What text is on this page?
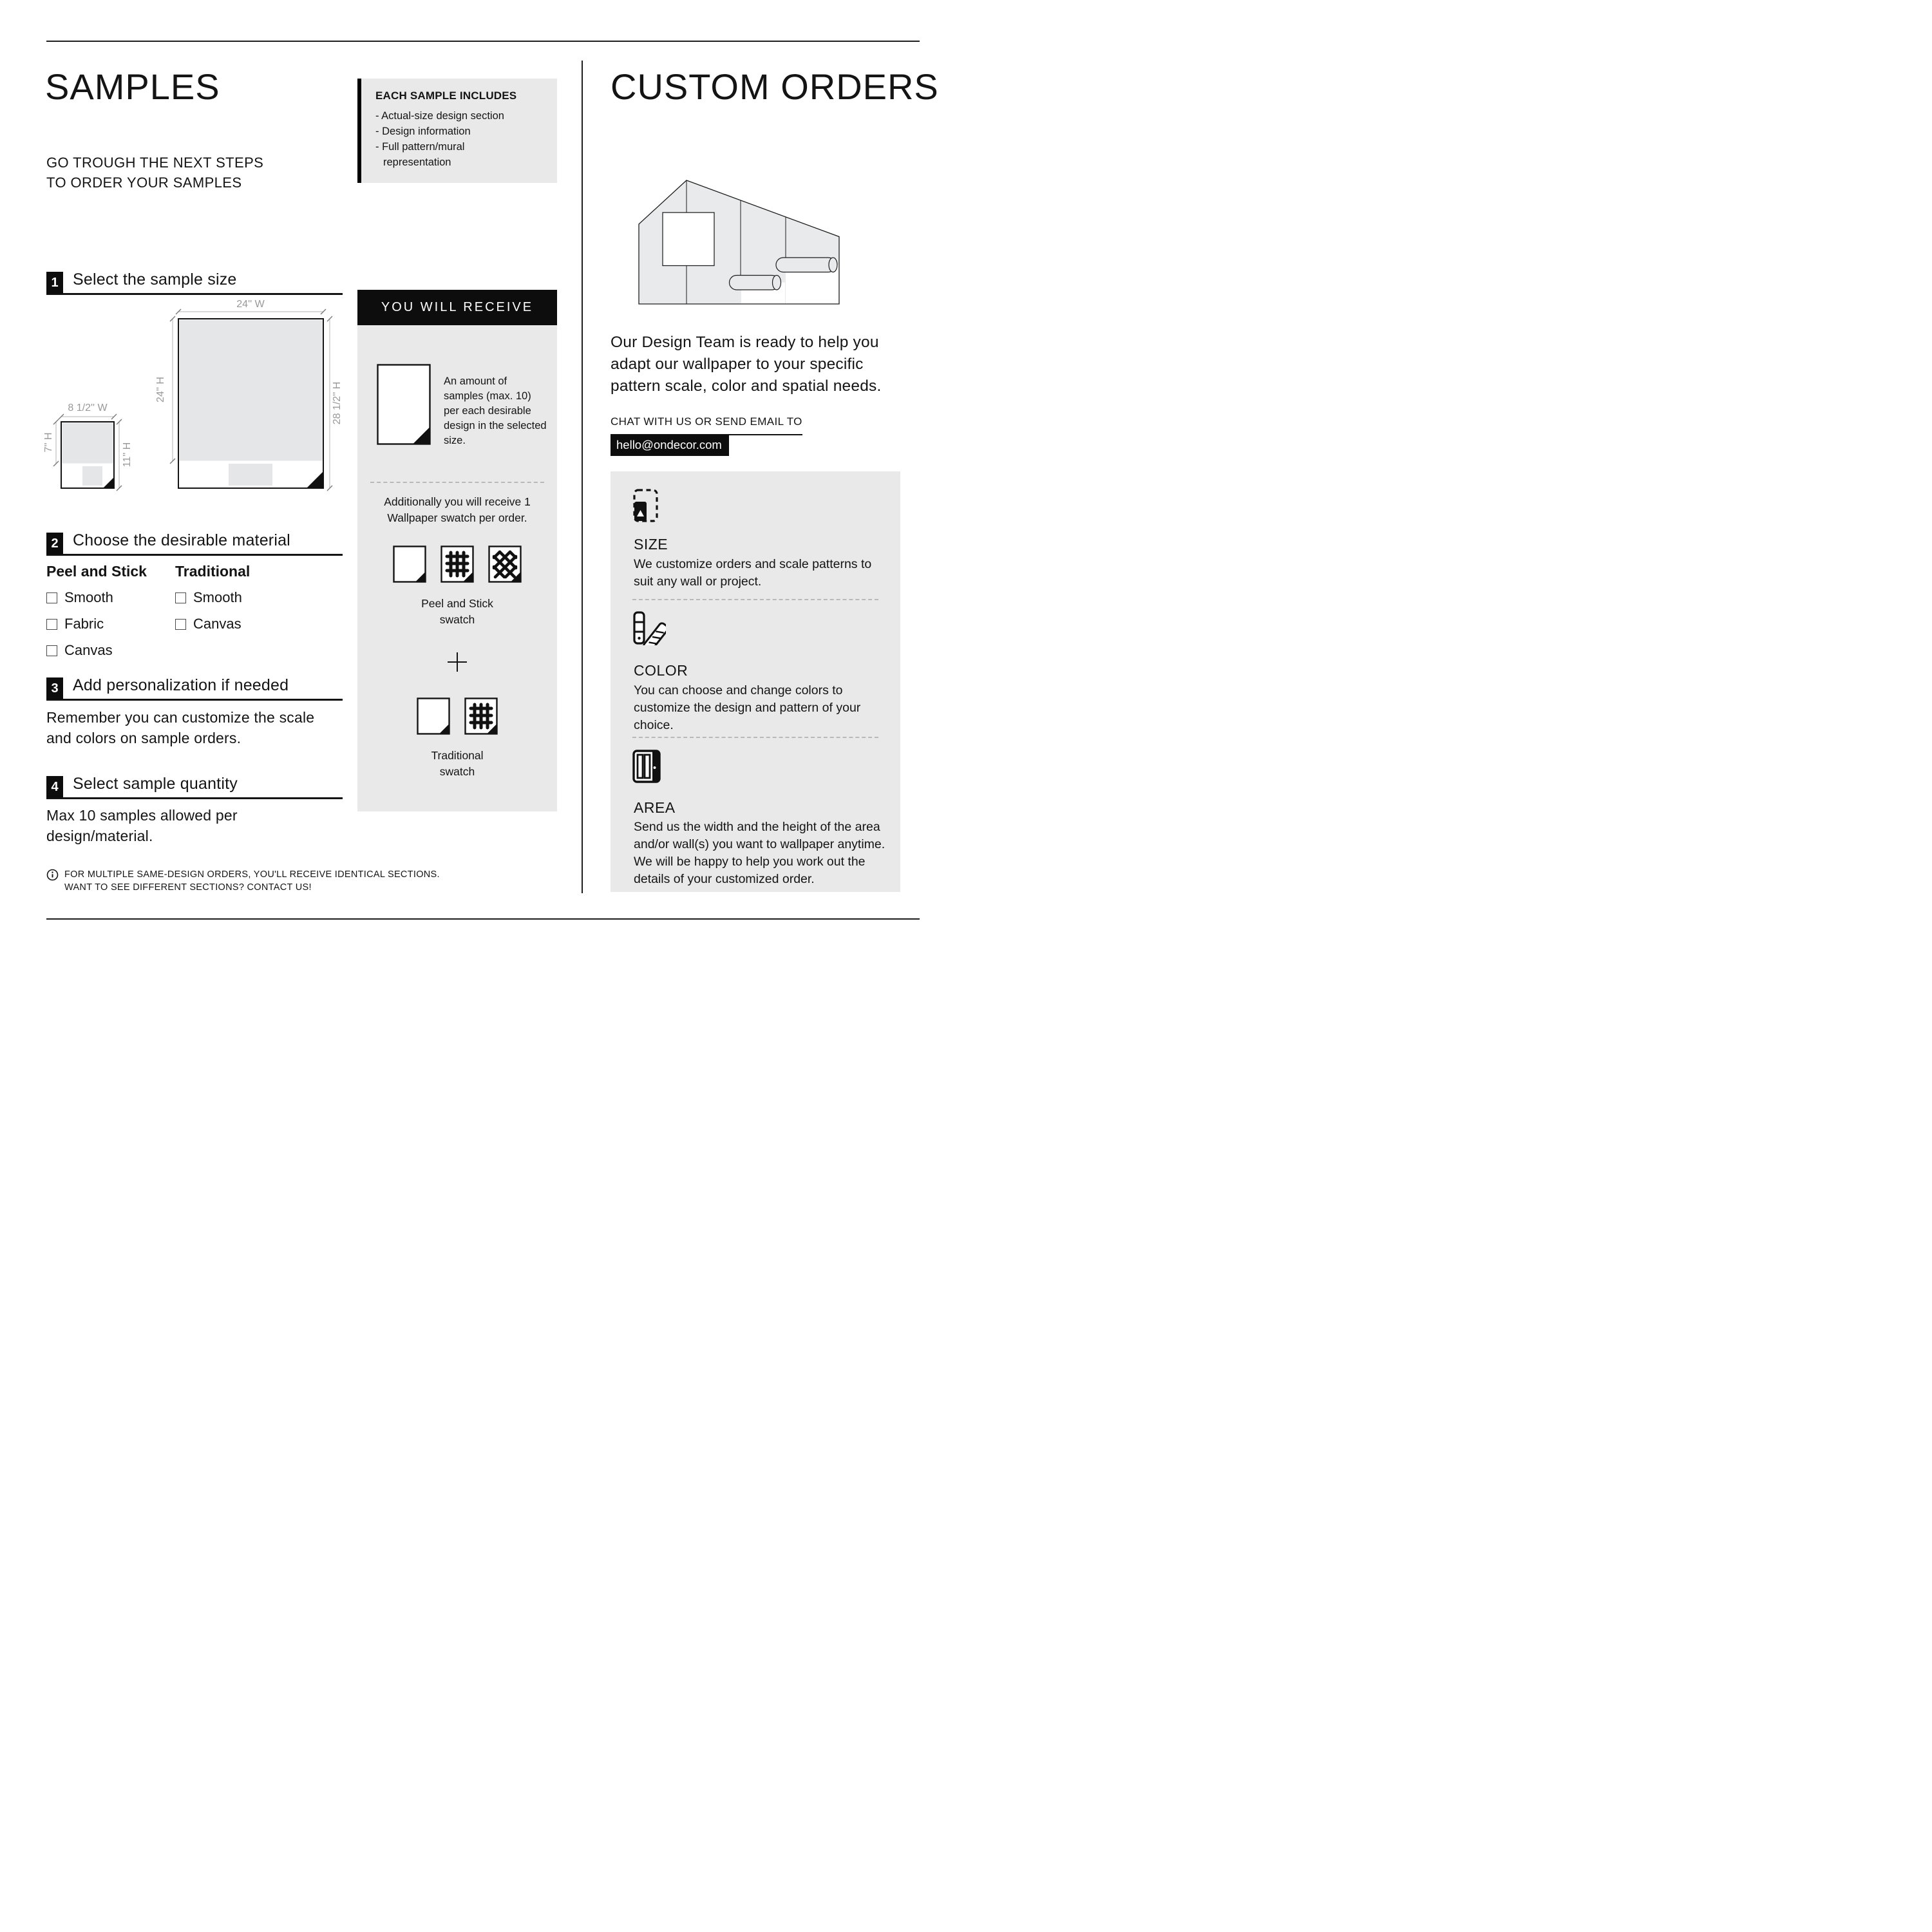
SAMPLES
GO TROUGH THE NEXT STEPS
TO ORDER YOUR SAMPLES
EACH SAMPLE INCLUDES
- Actual-size design section
- Design information
- Full pattern/mural representation
1 Select the sample size
24'' W
24'' H	28 1/2'' H
8 1/2'' W
7'' H	11'' H
2 Choose the desirable material
Peel and Stick
Smooth
Fabric
Canvas
Traditional
Smooth
Canvas
3 Add personalization if needed
Remember you can customize the scale and colors on sample orders.
4 Select sample quantity
Max 10 samples allowed per design/material.
FOR MULTIPLE SAME-DESIGN ORDERS, YOU'LL RECEIVE IDENTICAL SECTIONS. WANT TO SEE DIFFERENT SECTIONS? CONTACT US!
YOU WILL RECEIVE
An amount of samples (max. 10) per each desirable design in the selected size.
Additionally you will receive 1 Wallpaper swatch per order.
Peel and Stick swatch
Traditional swatch
CUSTOM ORDERS
Our Design Team is ready to help you adapt our wallpaper to your specific pattern scale, color and spatial needs.
CHAT WITH US OR SEND EMAIL TO
hello@ondecor.com
SIZE
We customize orders and scale patterns to suit any wall or project.
COLOR
You can choose and change colors to customize the design and pattern of your choice.
AREA
Send us the width and the height of the area and/or wall(s) you want to wallpaper anytime. We will be happy to help you work out the details of your customized order.
